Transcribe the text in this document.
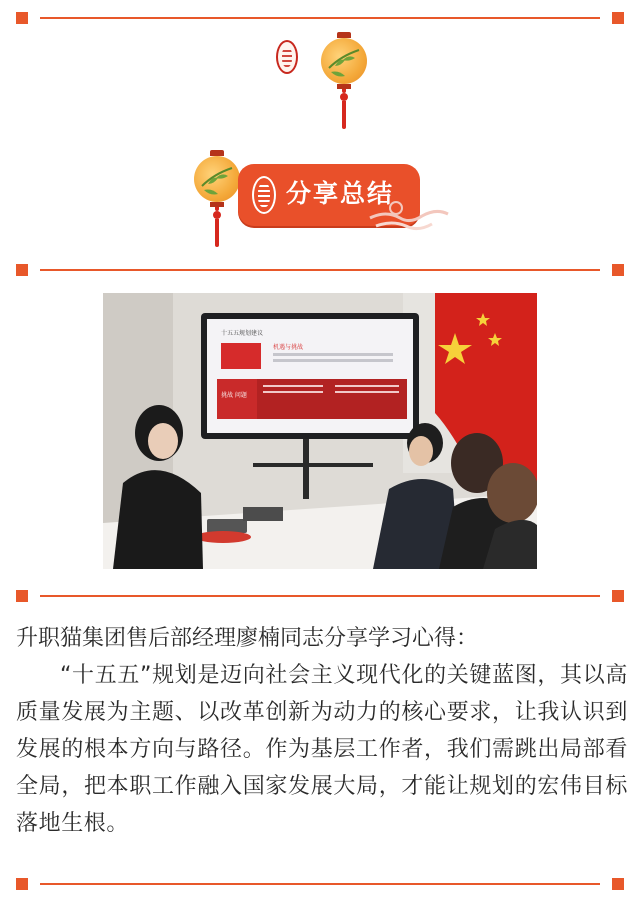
分享总结
十五五规划建议
机遇与挑战
挑战 问题

升职猫集团售后部经理廖楠同志分享学习心得：

“十五五”规划是迈向社会主义现代化的关键蓝图，其以高质量发展为主题、以改革创新为动力的核心要求，让我认识到发展的根本方向与路径。作为基层工作者，我们需跳出局部看全局，把本职工作融入国家发展大局，才能让规划的宏伟目标落地生根。
